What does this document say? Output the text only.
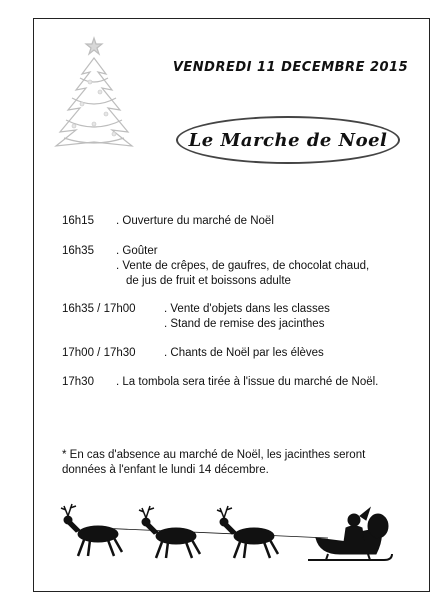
VENDREDI 11 DECEMBRE 2015
Le Marche de Noel
16h15 . Ouverture du marché de Noël
16h35 . Goûter
. Vente de crêpes, de gaufres, de chocolat chaud,
de jus de fruit et boissons adulte
16h35 / 17h00 . Vente d'objets dans les classes
. Stand de remise des jacinthes
17h00 / 17h30 . Chants de Noël par les élèves
17h30 . La tombola sera tirée à l'issue du marché de Noël.
* En cas d'absence au marché de Noël, les jacinthes seront données à l'enfant le lundi 14 décembre.
